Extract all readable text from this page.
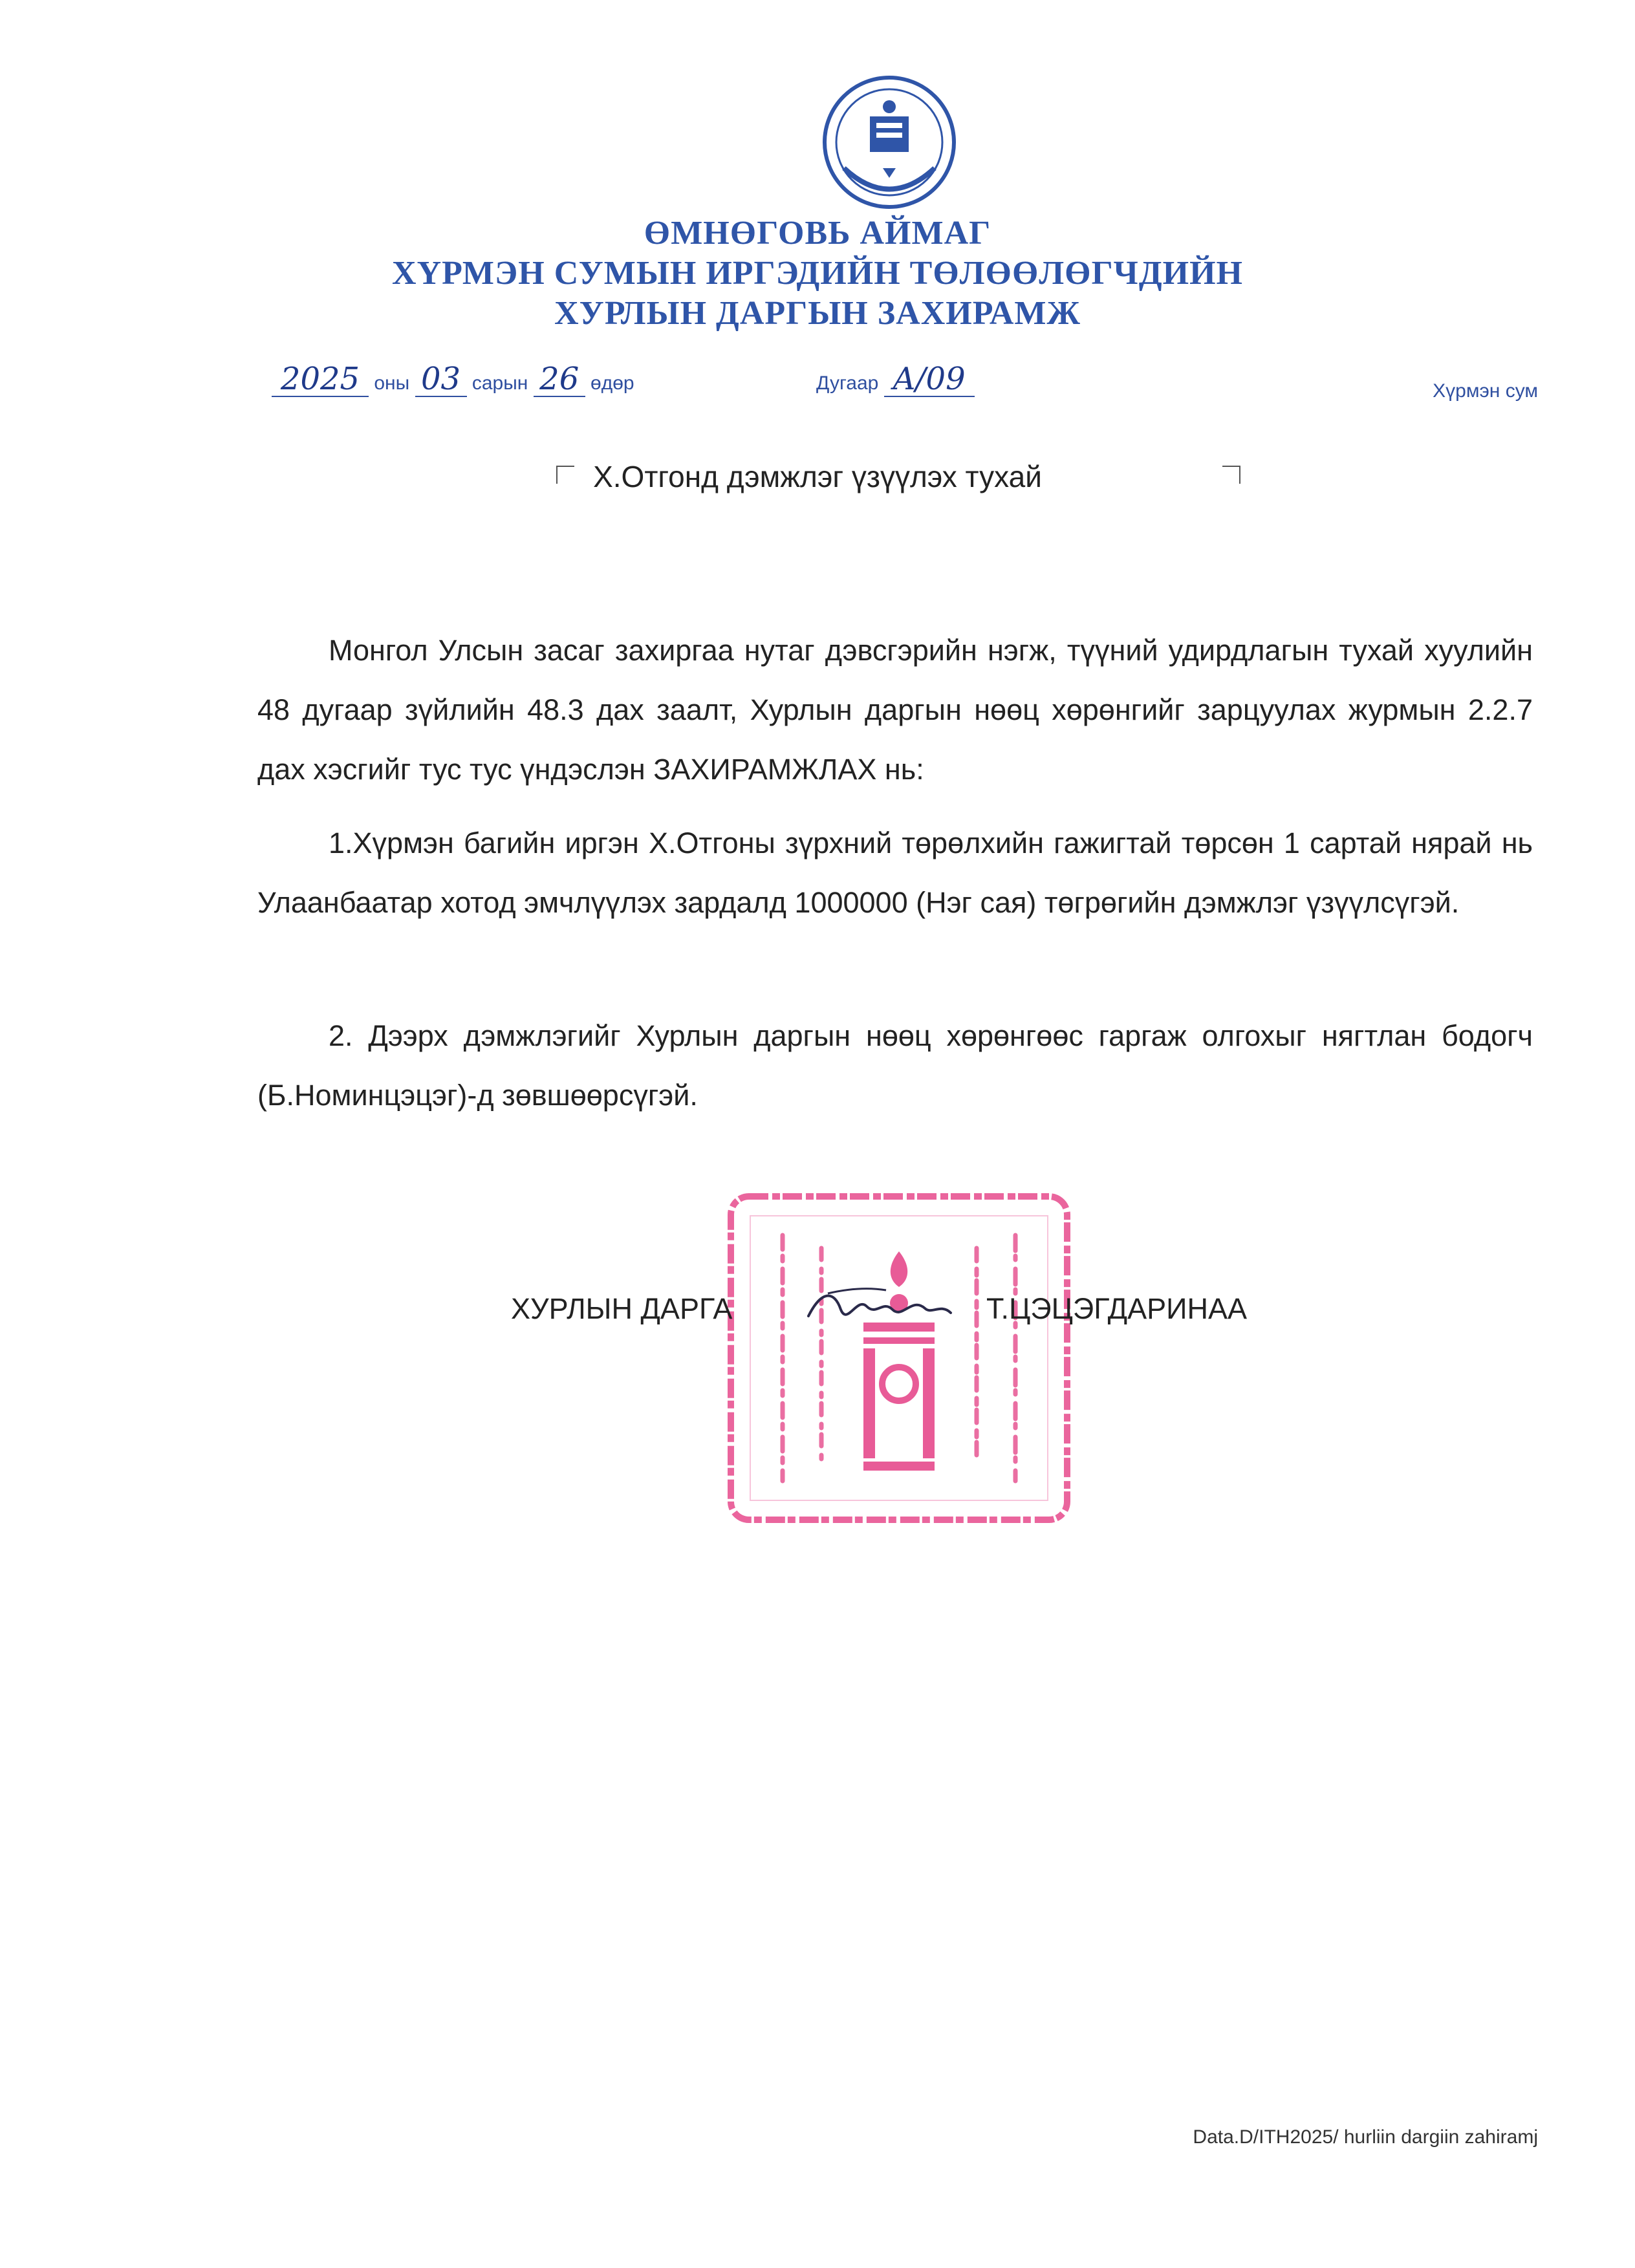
ӨМНӨГОВЬ АЙМАГ
ХҮРМЭН СУМЫН ИРГЭДИЙН ТӨЛӨӨЛӨГЧДИЙН
ХУРЛЫН ДАРГЫН ЗАХИРАМЖ
2025 оны 03 сарын 26 өдөр	Дугаар A/09	Хүрмэн сум
Х.Отгонд дэмжлэг үзүүлэх тухай

Монгол Улсын засаг захиргаа нутаг дэвсгэрийн нэгж, түүний удирдлагын тухай хуулийн 48 дугаар зүйлийн 48.3 дах заалт, Хурлын даргын нөөц хөрөнгийг зарцуулах журмын 2.2.7 дах хэсгийг тус тус үндэслэн ЗАХИРАМЖЛАХ нь:

1.Хүрмэн багийн иргэн Х.Отгоны зүрхний төрөлхийн гажигтай төрсөн 1 сартай нярай нь Улаанбаатар хотод эмчлүүлэх зардалд 1000000 (Нэг сая) төгрөгийн дэмжлэг үзүүлсүгэй.

2. Дээрх дэмжлэгийг Хурлын даргын нөөц хөрөнгөөс гаргаж олгохыг нягтлан бодогч (Б.Номинцэцэг)-д зөвшөөрсүгэй.

ХУРЛЫН ДАРГА	Т.ЦЭЦЭГДАРИНАА
Data.D/ITH2025/ hurliin dargiin zahiramj
